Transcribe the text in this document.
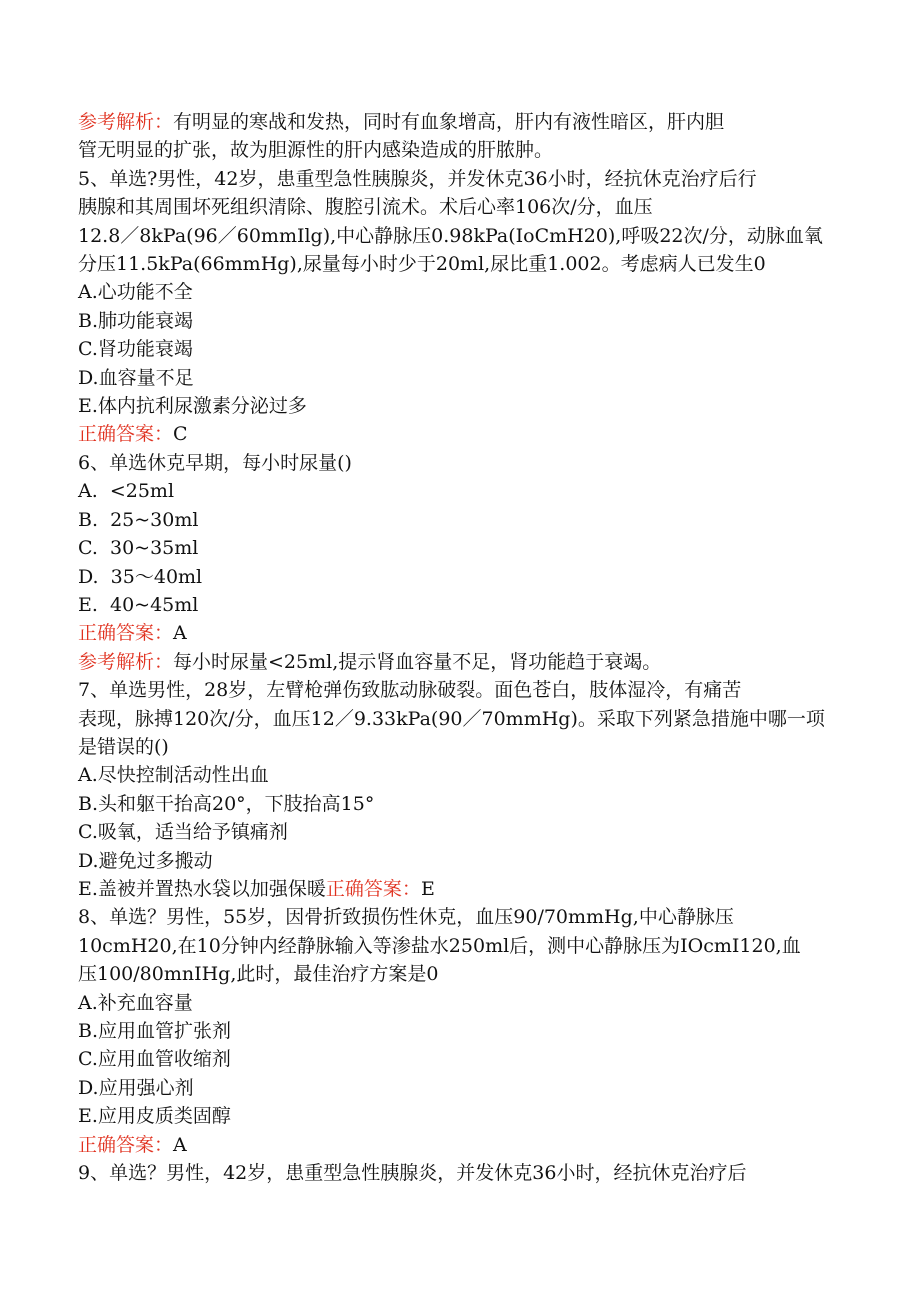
参考解析：有明显的寒战和发热，同时有血象增高，肝内有液性暗区，肝内胆

管无明显的扩张，故为胆源性的肝内感染造成的肝脓肿。

5、单选?男性，42岁，患重型急性胰腺炎，并发休克36小时，经抗休克治疗后行

胰腺和其周围坏死组织清除、腹腔引流术。术后心率106次/分，血压

12.8／8kPa(96／60mmIlg),中心静脉压0.98kPa(IoCmH20),呼吸22次/分，动脉血氧

分压11.5kPa(66mmHg),尿量每小时少于20ml,尿比重1.002。考虑病人已发生0

A.心功能不全

B.肺功能衰竭

C.肾功能衰竭

D.血容量不足

E.体内抗利尿激素分泌过多

正确答案：C

6、单选休克早期，每小时尿量()

A.  <25ml

B.  25~30ml

C.  30~35ml

D.  35～40ml

E.  40~45ml

正确答案：A

参考解析：每小时尿量<25ml,提示肾血容量不足，肾功能趋于衰竭。

7、单选男性，28岁，左臂枪弹伤致肱动脉破裂。面色苍白，肢体湿冷，有痛苦

表现，脉搏120次/分，血压12／9.33kPa(90／70mmHg)。采取下列紧急措施中哪一项

是错误的()

A.尽快控制活动性出血

B.头和躯干抬高20°，下肢抬高15°

C.吸氧，适当给予镇痛剂

D.避免过多搬动

E.盖被并置热水袋以加强保暖正确答案：E

8、单选？男性，55岁，因骨折致损伤性休克，血压90/70mmHg,中心静脉压

10cmH20,在10分钟内经静脉输入等渗盐水250ml后，测中心静脉压为IOcmI120,血

压100/80mnIHg,此时，最佳治疗方案是0

A.补充血容量

B.应用血管扩张剂

C.应用血管收缩剂

D.应用强心剂

E.应用皮质类固醇

正确答案：A

9、单选？男性，42岁，患重型急性胰腺炎，并发休克36小时，经抗休克治疗后
